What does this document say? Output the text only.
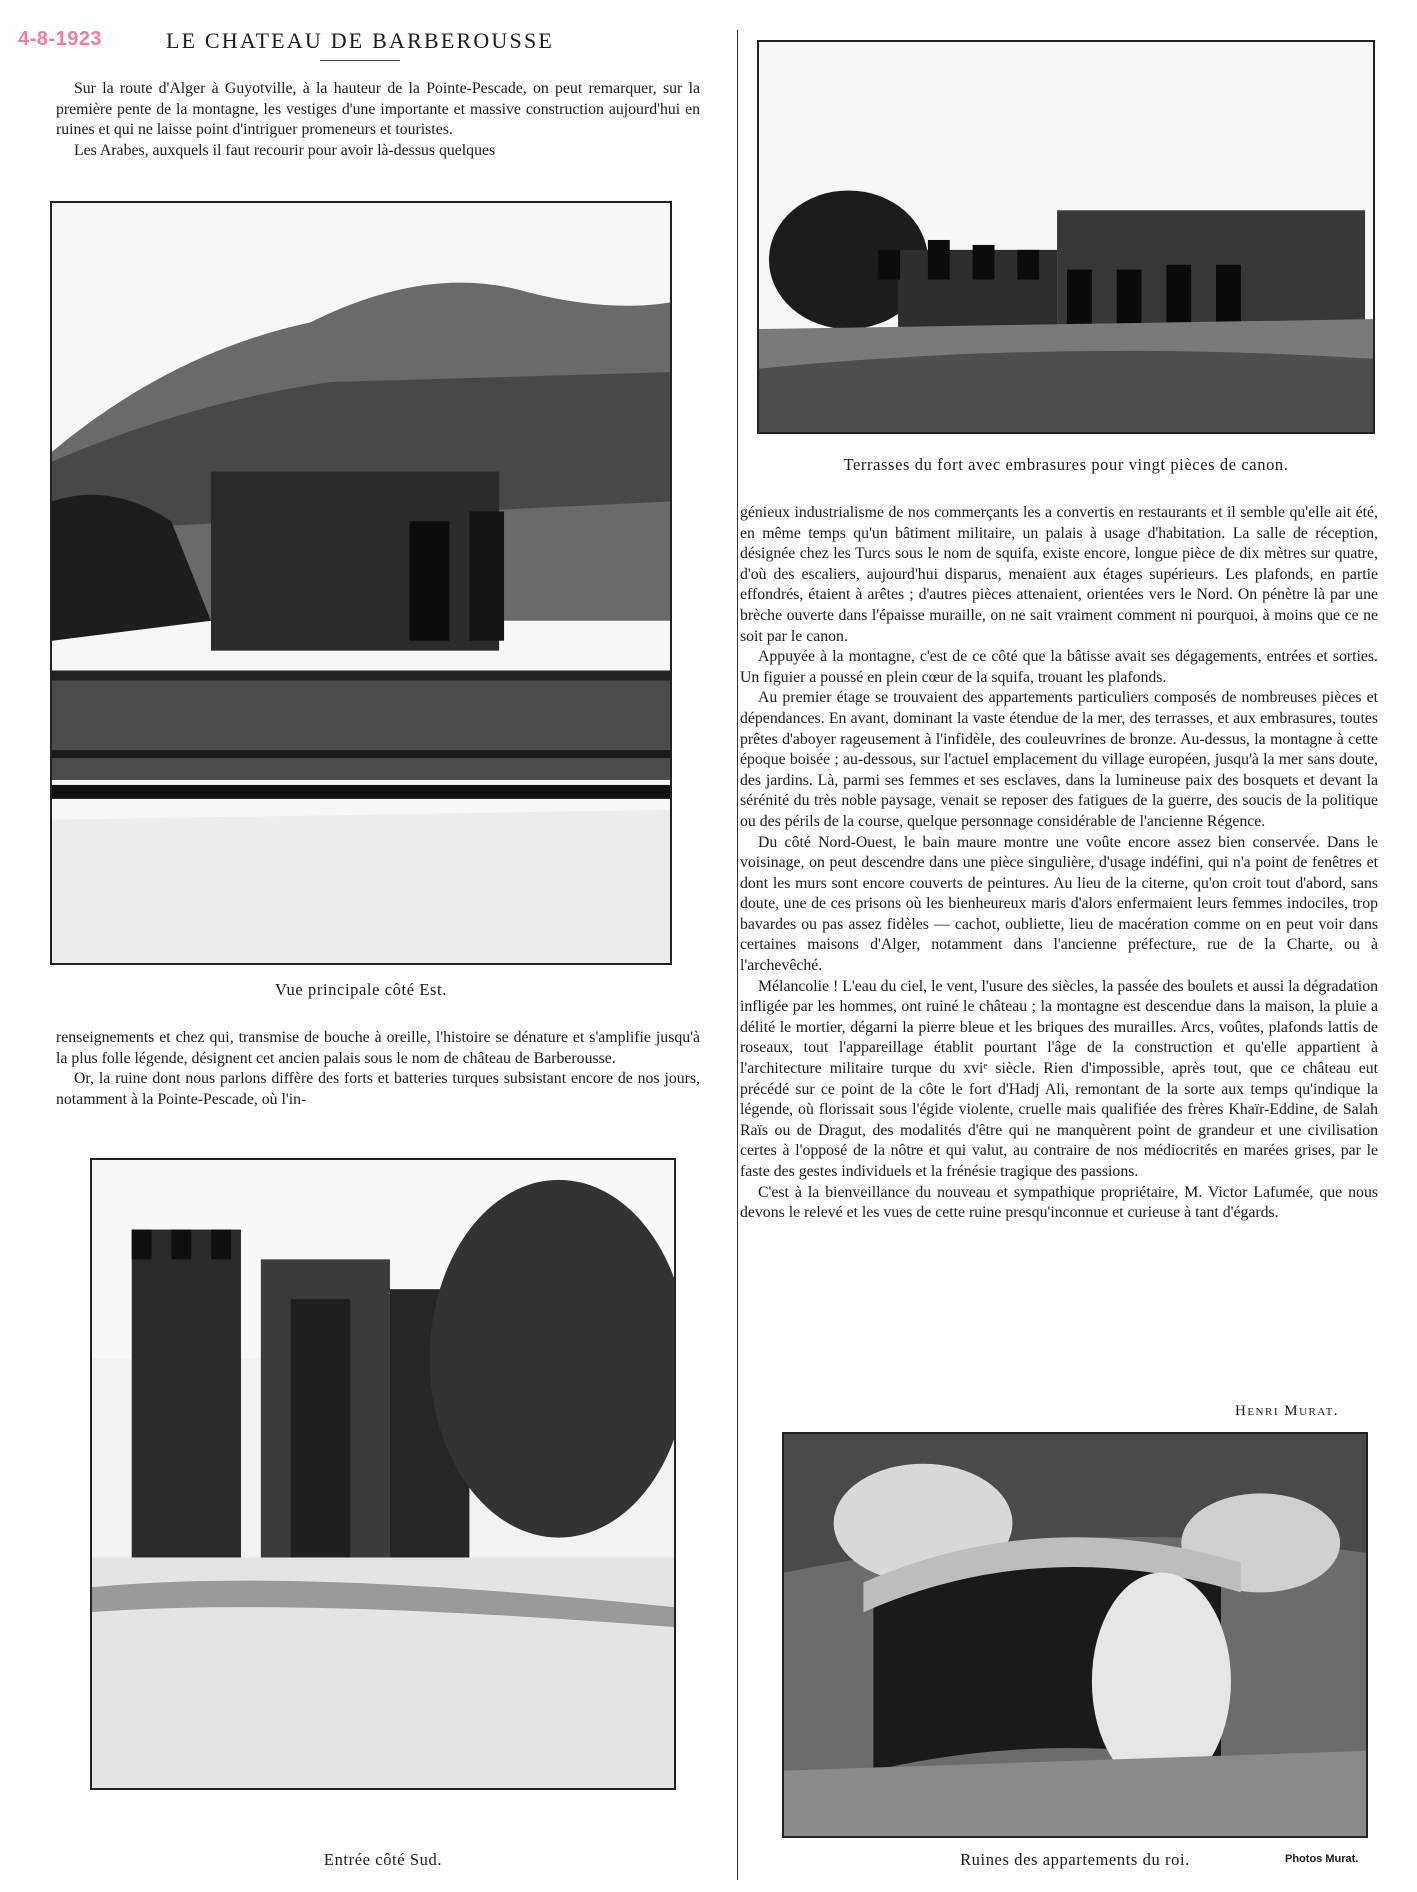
4-8-1923	LE CHATEAU DE BARBEROUSSE

Sur la route d'Alger à Guyotville, à la hauteur de la Pointe-Pescade, on peut remarquer, sur la première pente de la montagne, les vestiges d'une importante et massive construction aujourd'hui en ruines et qui ne laisse point d'intriguer promeneurs et touristes.

Les Arabes, auxquels il faut recourir pour avoir là-dessus quelques

Vue principale côté Est.

renseignements et chez qui, transmise de bouche à oreille, l'histoire se dénature et s'amplifie jusqu'à la plus folle légende, désignent cet ancien palais sous le nom de château de Barberousse.

Or, la ruine dont nous parlons diffère des forts et batteries turques subsistant encore de nos jours, notamment à la Pointe-Pescade, où l'in-

Entrée côté Sud.
Terrasses du fort avec embrasures pour vingt pièces de canon.

génieux industrialisme de nos commerçants les a convertis en restaurants et il semble qu'elle ait été, en même temps qu'un bâtiment militaire, un palais à usage d'habitation. La salle de réception, désignée chez les Turcs sous le nom de squifa, existe encore, longue pièce de dix mètres sur quatre, d'où des escaliers, aujourd'hui disparus, menaient aux étages supérieurs. Les plafonds, en partie effondrés, étaient à arêtes ; d'autres pièces attenaient, orientées vers le Nord. On pénètre là par une brèche ouverte dans l'épaisse muraille, on ne sait vraiment comment ni pourquoi, à moins que ce ne soit par le canon.

Appuyée à la montagne, c'est de ce côté que la bâtisse avait ses dégagements, entrées et sorties. Un figuier a poussé en plein cœur de la squifa, trouant les plafonds.

Au premier étage se trouvaient des appartements particuliers composés de nombreuses pièces et dépendances. En avant, dominant la vaste étendue de la mer, des terrasses, et aux embrasures, toutes prêtes d'aboyer rageusement à l'infidèle, des couleuvrines de bronze. Au-dessus, la montagne à cette époque boisée ; au-dessous, sur l'actuel emplacement du village européen, jusqu'à la mer sans doute, des jardins. Là, parmi ses femmes et ses esclaves, dans la lumineuse paix des bosquets et devant la sérénité du très noble paysage, venait se reposer des fatigues de la guerre, des soucis de la politique ou des périls de la course, quelque personnage considérable de l'ancienne Régence.

Du côté Nord-Ouest, le bain maure montre une voûte encore assez bien conservée. Dans le voisinage, on peut descendre dans une pièce singulière, d'usage indéfini, qui n'a point de fenêtres et dont les murs sont encore couverts de peintures. Au lieu de la citerne, qu'on croit tout d'abord, sans doute, une de ces prisons où les bienheureux maris d'alors enfermaient leurs femmes indociles, trop bavardes ou pas assez fidèles — cachot, oubliette, lieu de macération comme on en peut voir dans certaines maisons d'Alger, notamment dans l'ancienne préfecture, rue de la Charte, ou à l'archevêché.

Mélancolie ! L'eau du ciel, le vent, l'usure des siècles, la passée des boulets et aussi la dégradation infligée par les hommes, ont ruiné le château ; la montagne est descendue dans la maison, la pluie a délité le mortier, dégarni la pierre bleue et les briques des murailles. Arcs, voûtes, plafonds lattis de roseaux, tout l'appareillage établit pourtant l'âge de la construction et qu'elle appartient à l'architecture militaire turque du xviᵉ siècle. Rien d'impossible, après tout, que ce château eut précédé sur ce point de la côte le fort d'Hadj Ali, remontant de la sorte aux temps qu'indique la légende, où florissait sous l'égide violente, cruelle mais qualifiée des frères Khaïr-Eddine, de Salah Raïs ou de Dragut, des modalités d'être qui ne manquèrent point de grandeur et une civilisation certes à l'opposé de la nôtre et qui valut, au contraire de nos médiocrités en marées grises, par le faste des gestes individuels et la frénésie tragique des passions.

C'est à la bienveillance du nouveau et sympathique propriétaire, M. Victor Lafumée, que nous devons le relevé et les vues de cette ruine presqu'inconnue et curieuse à tant d'égards.

Henri Murat.
Ruines des appartements du roi.	Photos Murat.
